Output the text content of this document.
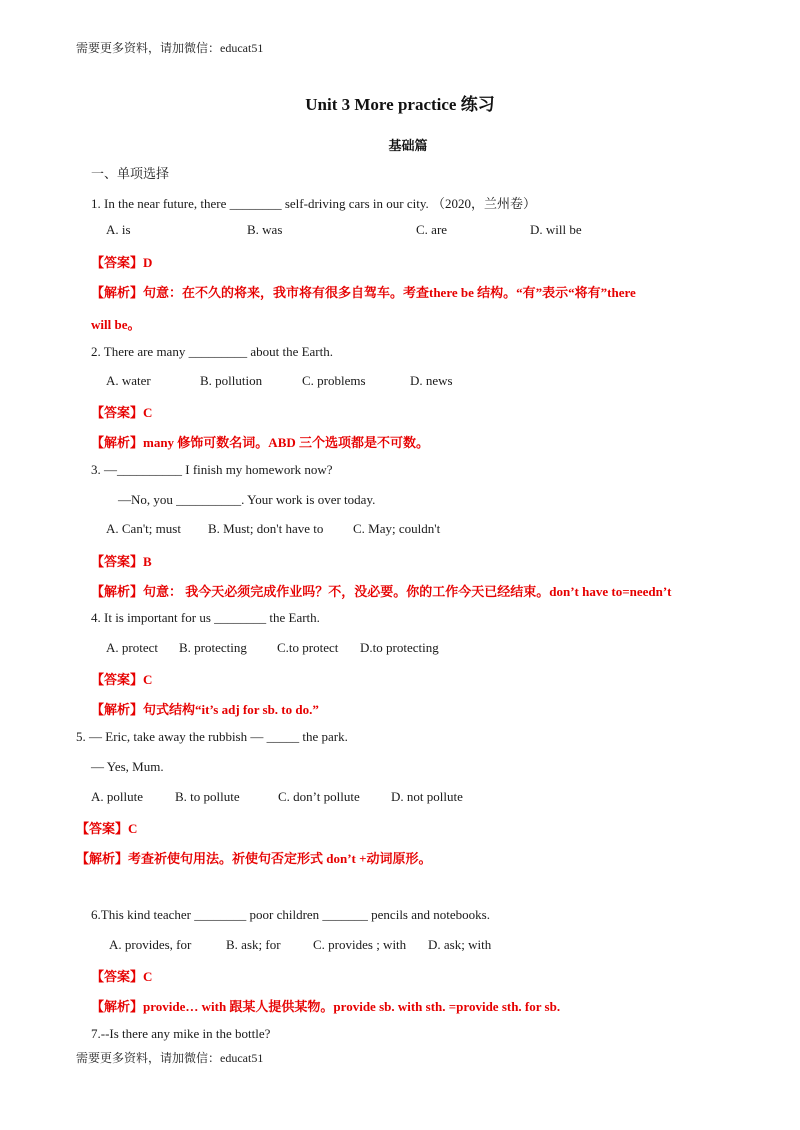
需要更多资料，请加微信：educat51
Unit 3 More practice 练习
基础篇
一、单项选择
1. In the near future, there ________ self-driving cars in our city. （2020，兰州卷）
A. is	B. was	C. are	D. will be
【答案】D
【解析】句意：在不久的将来，我市将有很多自驾车。考查there be 结构。“有”表示“将有”there
will be。
2. There are many _________ about the Earth.
A. water	B. pollution	C. problems	D. news
【答案】C
【解析】many 修饰可数名词。ABD 三个选项都是不可数。
3. —__________ I finish my homework now?
—No, you __________. Your work is over today.
A. Can't; must B. Must; don't have to C. May; couldn't
【答案】B
【解析】句意： 我今天必须完成作业吗？不，没必要。你的工作今天已经结束。don’t have to=needn’t
4. It is important for us ________ the Earth.
A. protect B. protecting C.to protect D.to protecting
【答案】C
【解析】句式结构“it’s adj for sb. to do.”
5. — Eric, take away the rubbish — _____ the park.
— Yes, Mum.
A. pollute B. to pollute	C. don’t pollute D. not pollute
【答案】C
【解析】考查祈使句用法。祈使句否定形式 don’t +动词原形。
6.This kind teacher ________ poor children _______ pencils and notebooks.
A. provides, for	B. ask; for C. provides ; with D. ask; with
【答案】C
【解析】provide… with 跟某人提供某物。provide sb. with sth. =provide sth. for sb.
7.--Is there any mike in the bottle?
需要更多资料，请加微信：educat51
